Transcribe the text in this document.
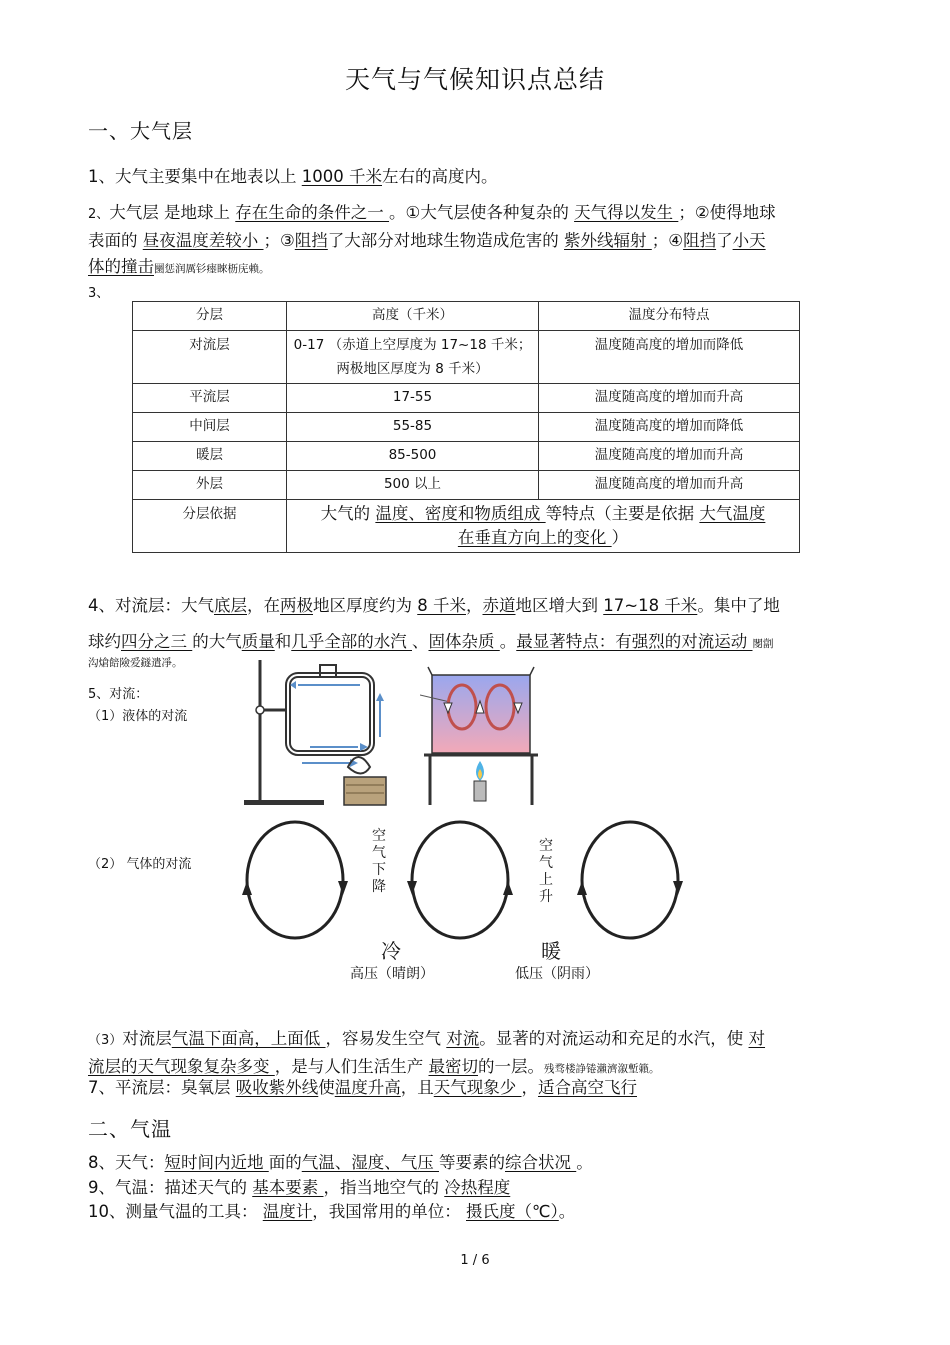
天气与气候知识点总结
一、大气层
1、大气主要集中在地表以上 1000 千米左右的高度内。
2、大气层 是地球上 存在生命的条件之一 。①大气层使各种复杂的 天气得以发生 ；②使得地球
表面的 昼夜温度差较小 ；③阻挡了大部分对地球生物造成危害的 紫外线辐射 ；④阻挡了小天
体的撞击圞惩润厲钐瘗睞枥庑赖。
3、
分层	高度（千米）	温度分布特点
对流层	0-17 （赤道上空厚度为 17~18 千米；两极地区厚度为 8 千米）	温度随高度的增加而降低
平流层	17-55	温度随高度的增加而升高
中间层	55-85	温度随高度的增加而降低
暖层	85-500	温度随高度的增加而升高
外层	500 以上	温度随高度的增加而升高
分层依据	大气的 温度、密度和物质组成 等特点（主要是依据 大气温度
在垂直方向上的变化 ）	
4、对流层：大气底层，在两极地区厚度约为 8 千米，赤道地区增大到 17~18 千米。集中了地
球约四分之三 的大气质量和几乎全部的水汽 、固体杂质 。最显著特点：有强烈的对流运动 閿劏
沟熗餢險爱鐩遣凈。
5、对流：
（1）液体的对流
（2） 气体的对流
空气下降
空气上升
冷	暖
高压（晴朗）	低压（阴雨）
（3）对流层气温下面高，上面低 ，容易发生空气 对流。显著的对流运动和充足的水汽，使 对
流层的天气现象复杂多变 ，是与人们生活生产 最密切的一层。残骛楼諍锩瀨濟溆塹籟。
7、平流层：臭氧层 吸收紫外线使温度升高，且天气现象少 ，适合高空飞行
二、气温
8、天气：短时间内近地 面的气温、湿度、气压 等要素的综合状况 。
9、气温：描述天气的 基本要素 ，指当地空气的 冷热程度
10、测量气温的工具： 温度计，我国常用的单位： 摄氏度（℃）。
1 / 6
